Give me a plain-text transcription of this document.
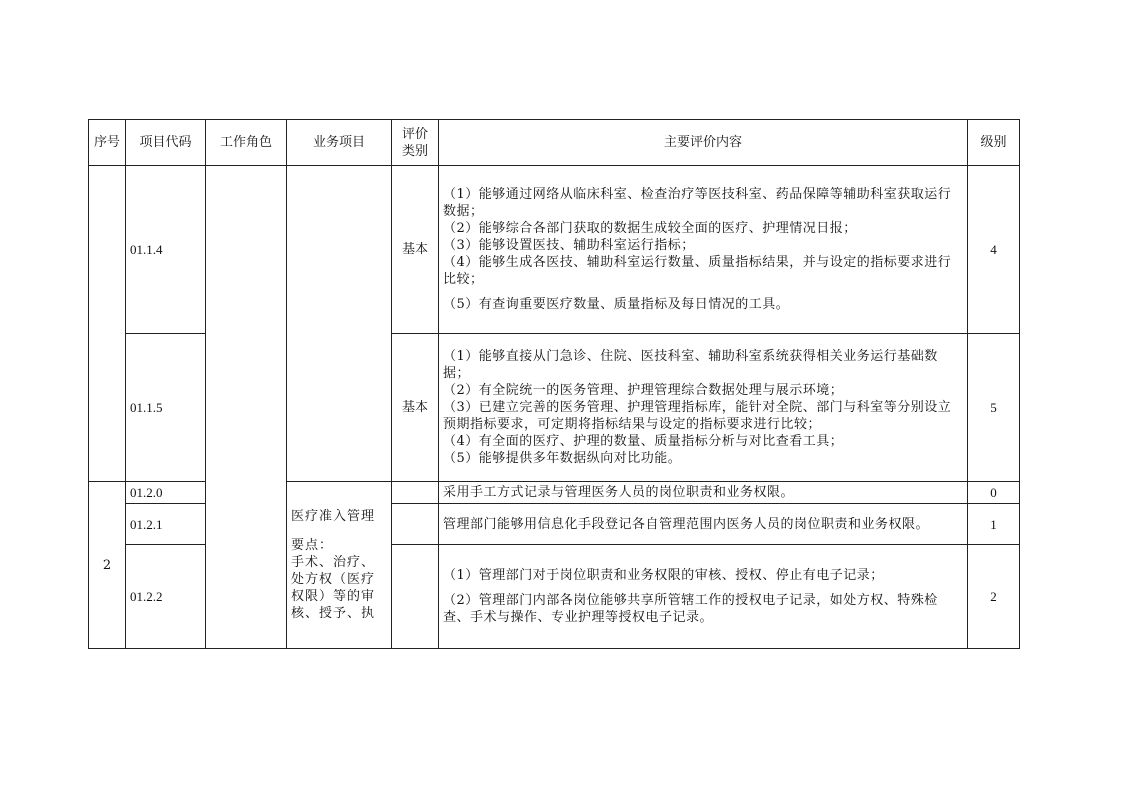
序号	项目代码	工作角色	业务项目	评价类别	主要评价内容	级别
	01.1.4			基本	（1）能够通过网络从临床科室、检查治疗等医技科室、药品保障等辅助科室获取运行数据；
（2）能够综合各部门获取的数据生成较全面的医疗、护理情况日报；
（3）能够设置医技、辅助科室运行指标；
（4）能够生成各医技、辅助科室运行数量、质量指标结果，并与设定的指标要求进行比较；
（5）有查询重要医疗数量、质量指标及每日情况的工具。	4
	01.1.5			基本	（1）能够直接从门急诊、住院、医技科室、辅助科室系统获得相关业务运行基础数据；
（2）有全院统一的医务管理、护理管理综合数据处理与展示环境；
（3）已建立完善的医务管理、护理管理指标库，能针对全院、部门与科室等分别设立预期指标要求，可定期将指标结果与设定的指标要求进行比较；
（4）有全面的医疗、护理的数量、质量指标分析与对比查看工具；
（5）能够提供多年数据纵向对比功能。	5
2	01.2.0		医疗准入管理
要点：
手术、治疗、处方权（医疗权限）等的审核、授予、执		采用手工方式记录与管理医务人员的岗位职责和业务权限。	0
	01.2.1				管理部门能够用信息化手段登记各自管理范围内医务人员的岗位职责和业务权限。	1
	01.2.2				（1）管理部门对于岗位职责和业务权限的审核、授权、停止有电子记录；
（2）管理部门内部各岗位能够共享所管辖工作的授权电子记录，如处方权、特殊检查、手术与操作、专业护理等授权电子记录。	2
